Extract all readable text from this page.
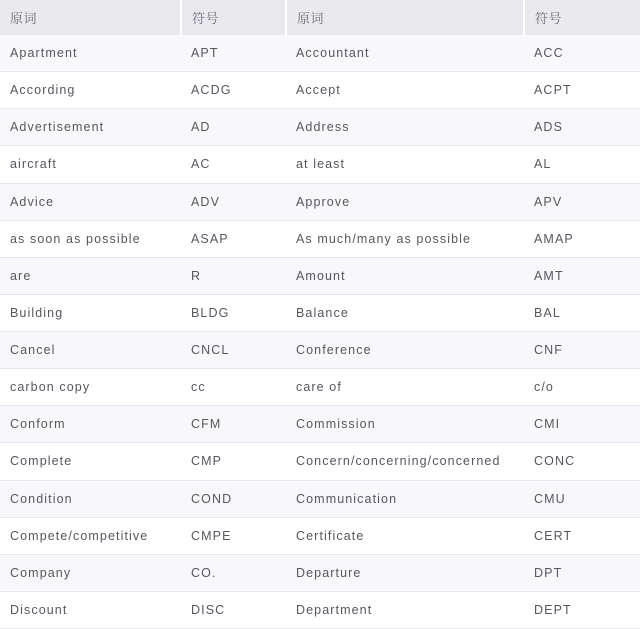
原词	符号	原词	符号
Apartment	APT	Accountant	ACC
According	ACDG	Accept	ACPT
Advertisement	AD	Address	ADS
aircraft	AC	at least	AL
Advice	ADV	Approve	APV
as soon as possible	ASAP	As much/many as possible	AMAP
are	R	Amount	AMT
Building	BLDG	Balance	BAL
Cancel	CNCL	Conference	CNF
carbon copy	cc	care of	c/o
Conform	CFM	Commission	CMI
Complete	CMP	Concern/concerning/concerned	CONC
Condition	COND	Communication	CMU
Compete/competitive	CMPE	Certificate	CERT
Company	CO.	Departure	DPT
Discount	DISC	Department	DEPT
